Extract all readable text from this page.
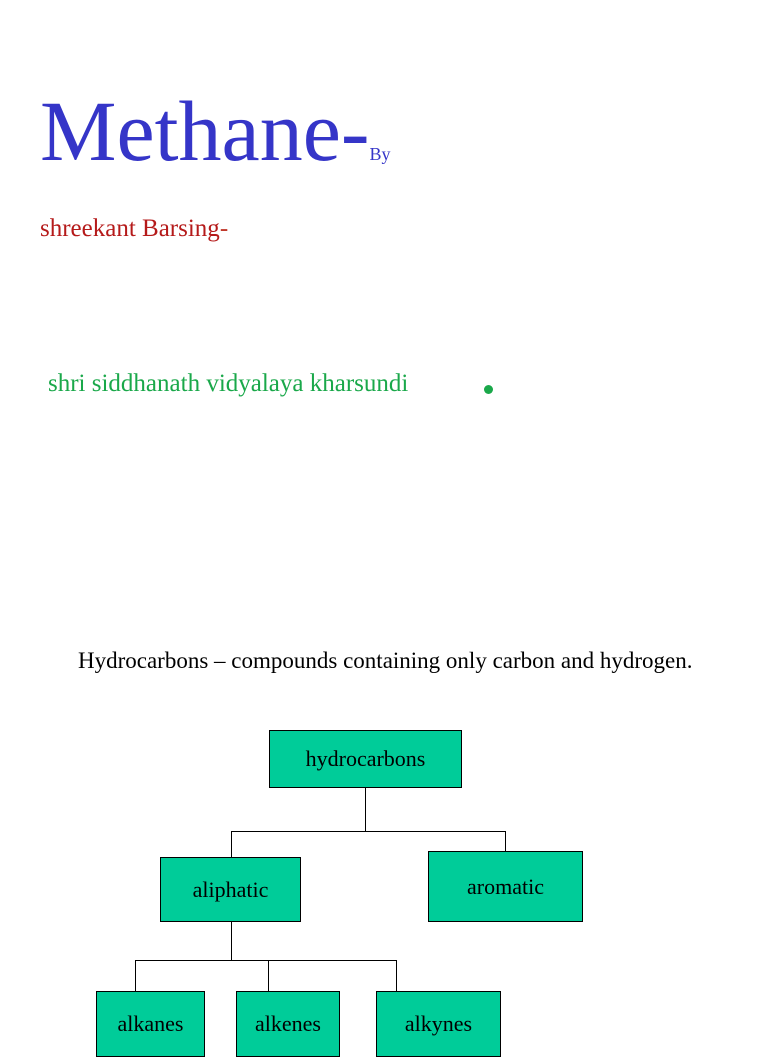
Methane-By
shreekant Barsing-
shri siddhanath vidyalaya kharsundi
Hydrocarbons – compounds containing only carbon and hydrogen.
hydrocarbons
aliphatic	aromatic
alkanes	alkenes	alkynes
